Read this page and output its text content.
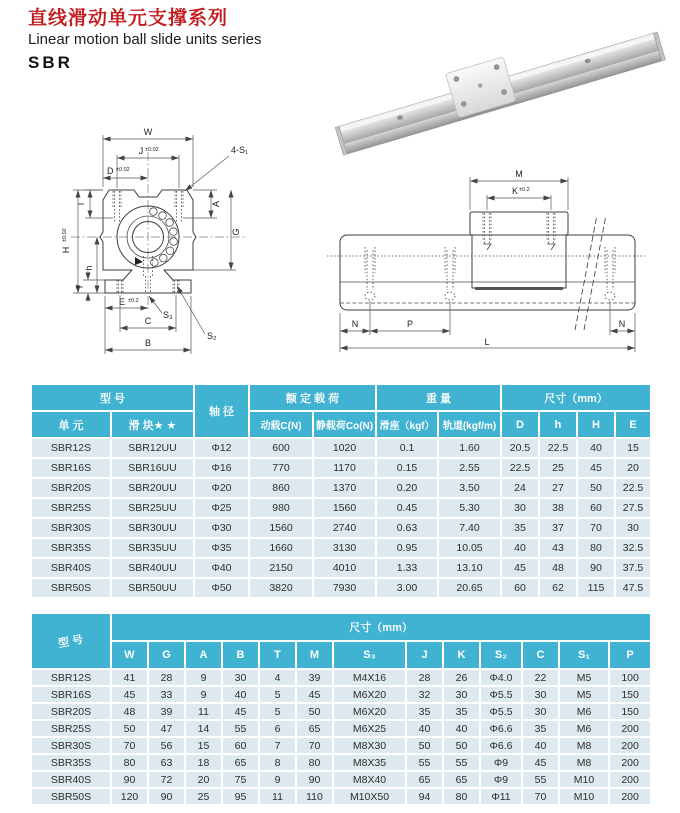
直线滑动单元支撑系列
Linear motion ball slide units series
SBR
W
J ±0.02
D ±0.02
4-S₁
I	A
G
H
±0.02
h
T
E ±0.2
S₃
S₂
C
B
M
K ±0.2
N	P	N
L
型 号		轴 径	额 定 载 荷		重 量		尺寸（mm）			
单 元	滑 块★ ★		动载C(N)	静载荷Co(N)	滑座（kgf）	轨道(kgf/m)	D	h	H	E
SBR12S	SBR12UU	Φ12	600	1020	0.1	1.60	20.5	22.5	40	15
SBR16S	SBR16UU	Φ16	770	1170	0.15	2.55	22.5	25	45	20
SBR20S	SBR20UU	Φ20	860	1370	0.20	3.50	24	27	50	22.5
SBR25S	SBR25UU	Φ25	980	1560	0.45	5.30	30	38	60	27.5
SBR30S	SBR30UU	Φ30	1560	2740	0.63	7.40	35	37	70	30
SBR35S	SBR35UU	Φ35	1660	3130	0.95	10.05	40	43	80	32.5
SBR40S	SBR40UU	Φ40	2150	4010	1.33	13.10	45	48	90	37.5
SBR50S	SBR50UU	Φ50	3820	7930	3.00	20.65	60	62	115	47.5
型 号	尺寸（mm）												
	W	G	A	B	T	M	S₃	J	K	S₂	C	S₁	P
SBR12S	41	28	9	30	4	39	M4X16	28	26	Φ4.0	22	M5	100
SBR16S	45	33	9	40	5	45	M6X20	32	30	Φ5.5	30	M5	150
SBR20S	48	39	11	45	5	50	M6X20	35	35	Φ5.5	30	M6	150
SBR25S	50	47	14	55	6	65	M6X25	40	40	Φ6.6	35	M6	200
SBR30S	70	56	15	60	7	70	M8X30	50	50	Φ6.6	40	M8	200
SBR35S	80	63	18	65	8	80	M8X35	55	55	Φ9	45	M8	200
SBR40S	90	72	20	75	9	90	M8X40	65	65	Φ9	55	M10	200
SBR50S	120	90	25	95	11	110	M10X50	94	80	Φ11	70	M10	200
